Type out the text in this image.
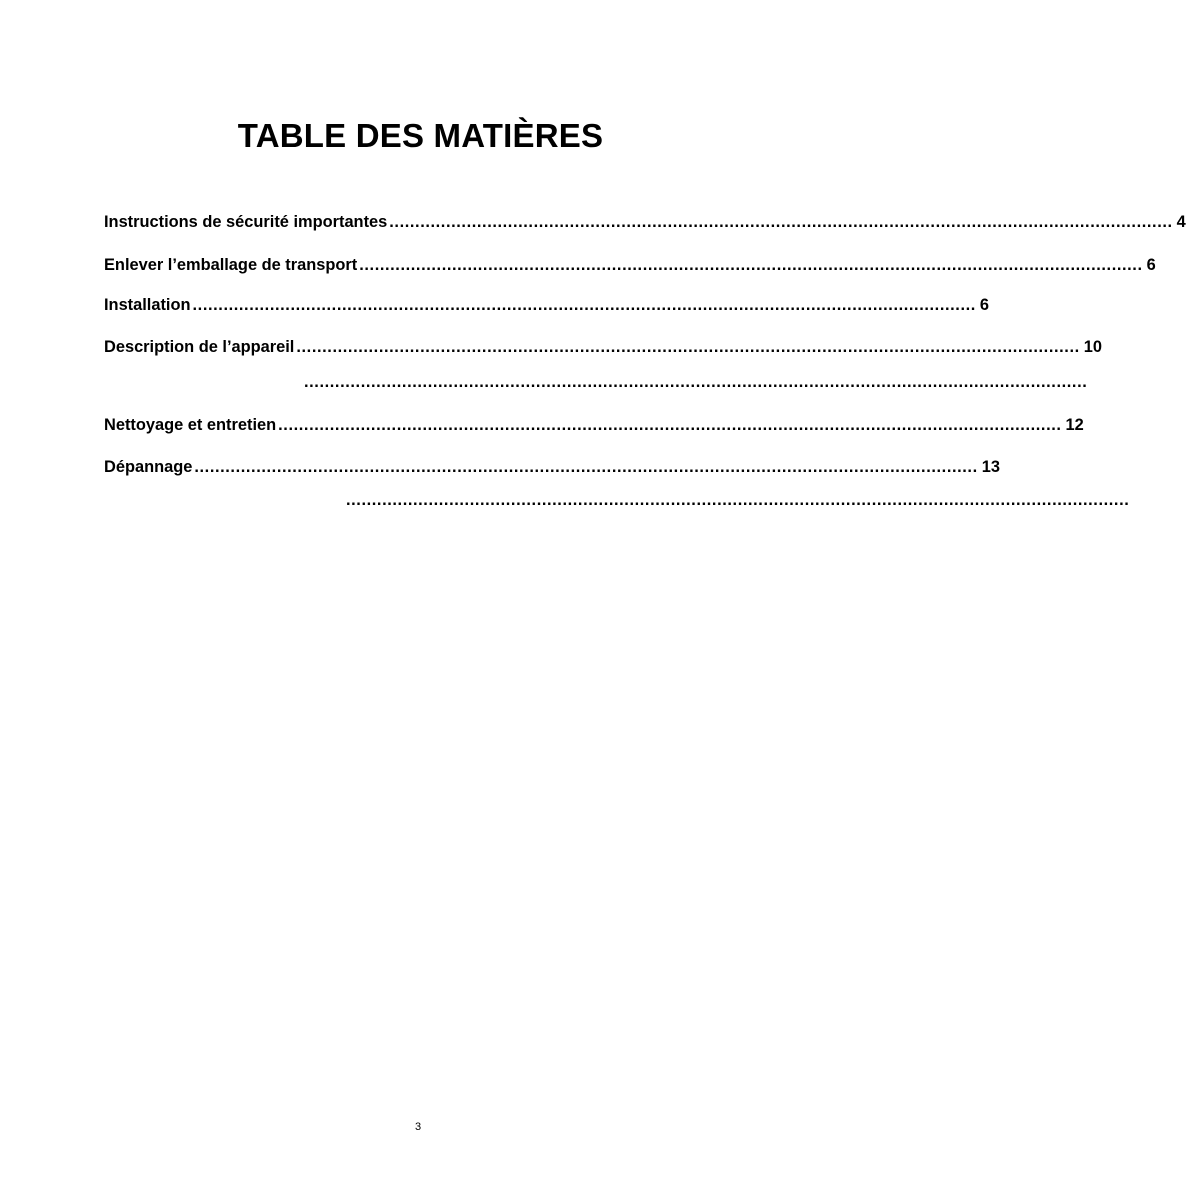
TABLE DES MATIÈRES
Instructions de sécurité importantes ........................................................................................................................................................ 4
Enlever l’emballage de transport ........................................................................................................................................................ 6
Installation ........................................................................................................................................................ 6
Description de l’appareil ........................................................................................................................................................ 10
........................................................................................................................................................
Nettoyage et entretien ........................................................................................................................................................ 12
Dépannage ........................................................................................................................................................ 13
........................................................................................................................................................
3
